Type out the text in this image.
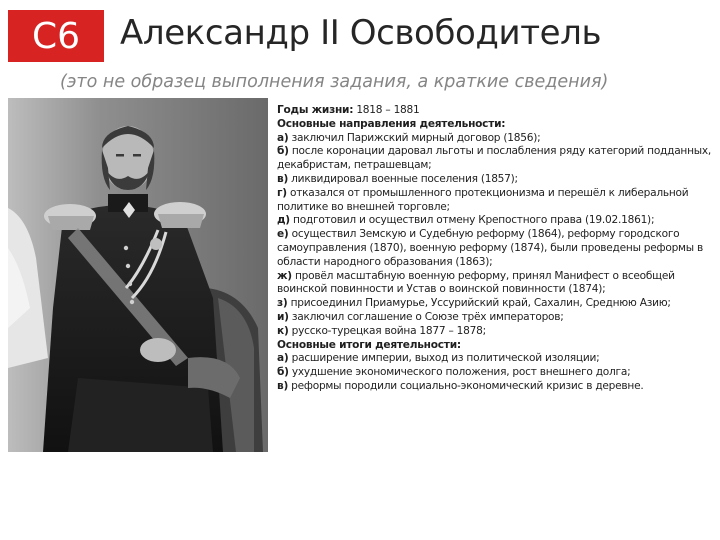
С6 Александр II Освободитель
(это не образец выполнения задания, а краткие сведения)

Годы жизни: 1818 – 1881

Основные направления деятельности:

а) заключил Парижский мирный договор (1856);

б) после коронации даровал льготы и послабления ряду категорий подданных, декабристам, петрашевцам;

в) ликвидировал военные поселения (1857);

г) отказался от промышленного протекционизма и перешёл к либеральной политике во внешней торговле;

д) подготовил и осуществил отмену Крепостного права (19.02.1861);

е) осуществил Земскую и Судебную реформу (1864), реформу городского самоуправления (1870), военную реформу (1874), были проведены реформы в области народного образования (1863);

ж) провёл масштабную военную реформу, принял Манифест о всеобщей воинской повинности и Устав о воинской повинности (1874);

з) присоединил Приамурье, Уссурийский край, Сахалин, Среднюю Азию;

и) заключил соглашение о Союзе трёх императоров;

к) русско-турецкая война 1877 – 1878;

Основные итоги деятельности:

а) расширение империи, выход из политической изоляции;

б) ухудшение экономического положения, рост внешнего долга;

в) реформы породили социально-экономический кризис в деревне.
